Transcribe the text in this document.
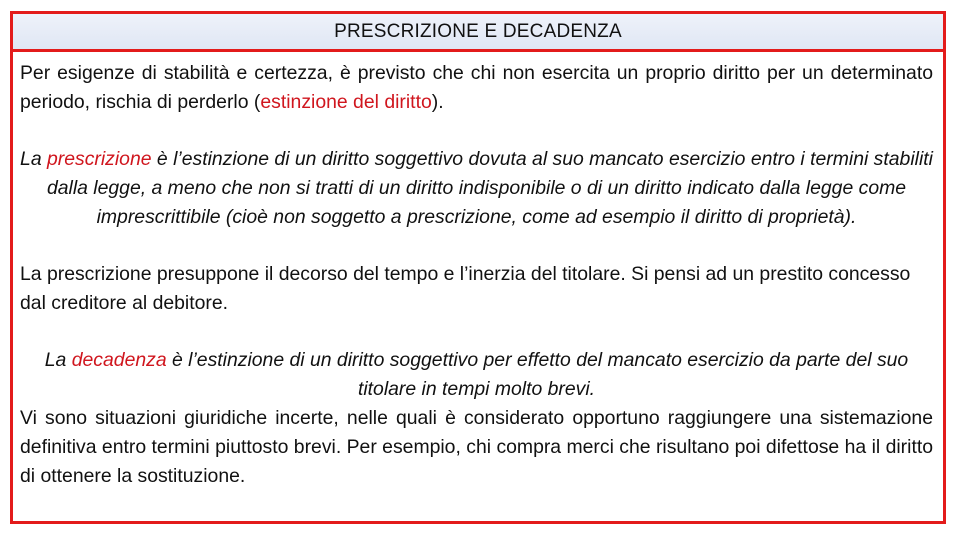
PRESCRIZIONE E DECADENZA

Per esigenze di stabilità e certezza, è previsto che chi non esercita un proprio diritto per un determinato periodo, rischia di perderlo (estinzione del diritto).

La prescrizione è l’estinzione di un diritto soggettivo dovuta al suo mancato esercizio entro i termini stabiliti dalla legge, a meno che non si tratti di un diritto indisponibile o di un diritto indicato dalla legge come imprescrittibile (cioè non soggetto a prescrizione, come ad esempio il diritto di proprietà).

La prescrizione presuppone il decorso del tempo e l’inerzia del titolare. Si pensi ad un prestito concesso dal creditore al debitore.

La decadenza è l’estinzione di un diritto soggettivo per effetto del mancato esercizio da parte del suo titolare in tempi molto brevi.

Vi sono situazioni giuridiche incerte, nelle quali è considerato opportuno raggiungere una sistemazione definitiva entro termini piuttosto brevi. Per esempio, chi compra merci che risultano poi difettose ha il diritto di ottenere la sostituzione.
